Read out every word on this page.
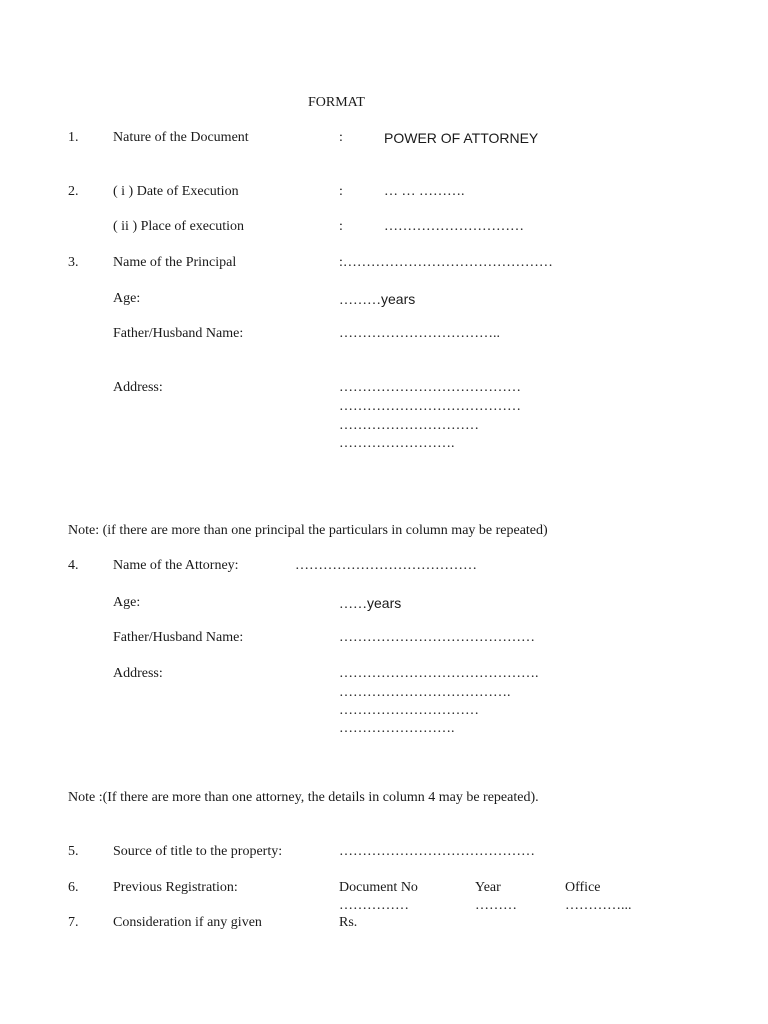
FORMAT
1. Nature of the Document	:	POWER OF ATTORNEY
2. ( i ) Date of Execution	:	… … ……….
( ii ) Place of execution	:	…………………………
3. Name of the Principal	:………………………………………
Age:	………years
Father/Husband Name:	……………………………..
Address:	…………………………………
…………………………………
…………………………
…………………….
Note: (if there are more than one principal the particulars in column may be repeated)
4. Name of the Attorney:	…………………………………
Age:	……years
Father/Husband Name:	……………………………………
Address:	…………………………………….
……………………………….
…………………………
…………………….
Note :(If there are more than one attorney, the details in column 4 may be repeated).
5. Source of title to the property:	……………………………………
6. Previous Registration:	Document No	Year	Office
……………	………	…………...
7. Consideration if any given	Rs.
